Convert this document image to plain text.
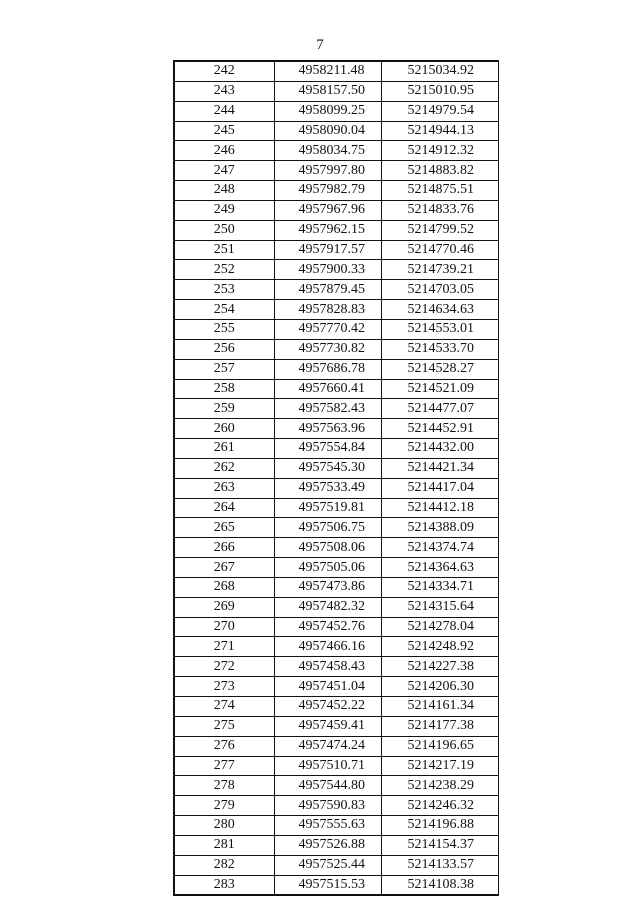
7
242	4958211.48	5215034.92
243	4958157.50	5215010.95
244	4958099.25	5214979.54
245	4958090.04	5214944.13
246	4958034.75	5214912.32
247	4957997.80	5214883.82
248	4957982.79	5214875.51
249	4957967.96	5214833.76
250	4957962.15	5214799.52
251	4957917.57	5214770.46
252	4957900.33	5214739.21
253	4957879.45	5214703.05
254	4957828.83	5214634.63
255	4957770.42	5214553.01
256	4957730.82	5214533.70
257	4957686.78	5214528.27
258	4957660.41	5214521.09
259	4957582.43	5214477.07
260	4957563.96	5214452.91
261	4957554.84	5214432.00
262	4957545.30	5214421.34
263	4957533.49	5214417.04
264	4957519.81	5214412.18
265	4957506.75	5214388.09
266	4957508.06	5214374.74
267	4957505.06	5214364.63
268	4957473.86	5214334.71
269	4957482.32	5214315.64
270	4957452.76	5214278.04
271	4957466.16	5214248.92
272	4957458.43	5214227.38
273	4957451.04	5214206.30
274	4957452.22	5214161.34
275	4957459.41	5214177.38
276	4957474.24	5214196.65
277	4957510.71	5214217.19
278	4957544.80	5214238.29
279	4957590.83	5214246.32
280	4957555.63	5214196.88
281	4957526.88	5214154.37
282	4957525.44	5214133.57
283	4957515.53	5214108.38
